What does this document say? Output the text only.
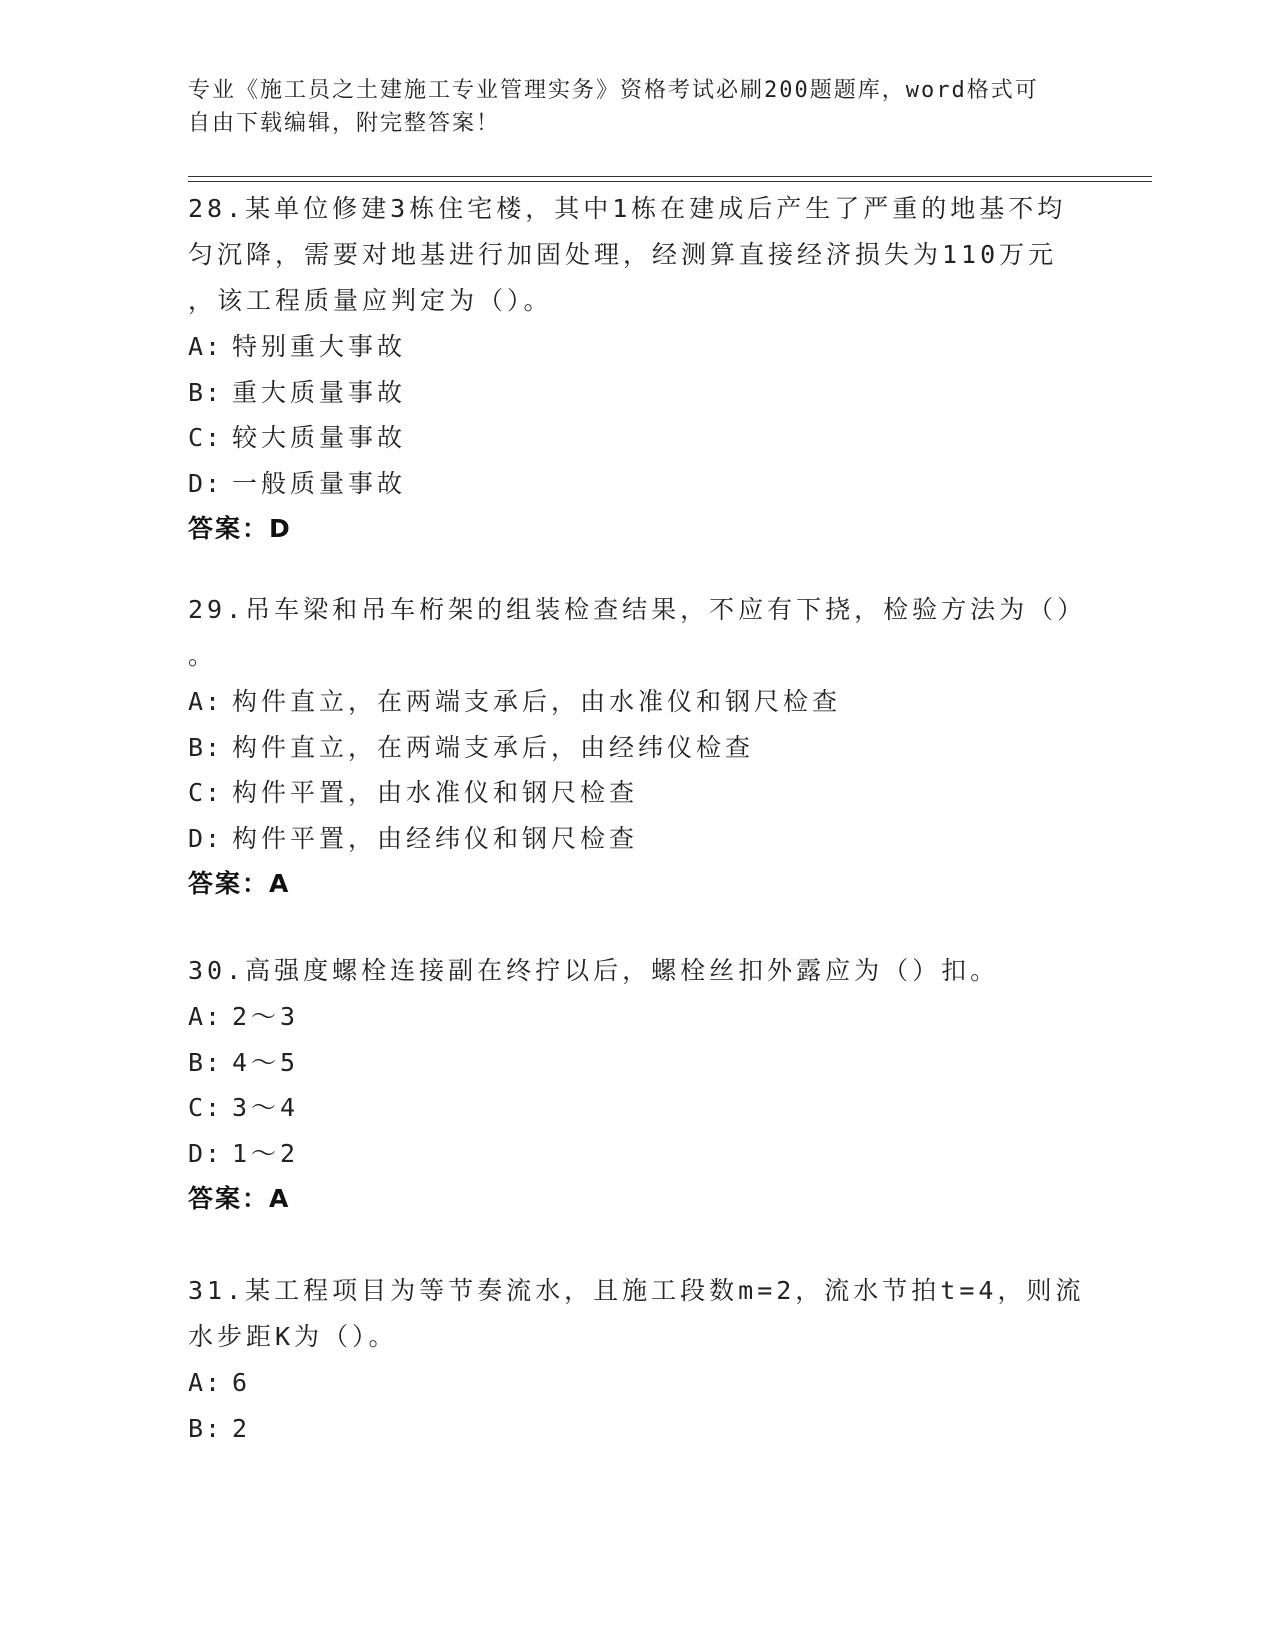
专业《施工员之土建施工专业管理实务》资格考试必刷200题题库，word格式可
自由下载编辑，附完整答案！

28.某单位修建3栋住宅楼，其中1栋在建成后产生了严重的地基不均
匀沉降，需要对地基进行加固处理，经测算直接经济损失为110万元
，该工程质量应判定为（）。

A: 特别重大事故
B: 重大质量事故
C: 较大质量事故
D: 一般质量事故
答案：D

29.吊车梁和吊车桁架的组装检查结果，不应有下挠，检验方法为（）
。

A: 构件直立，在两端支承后，由水准仪和钢尺检查
B: 构件直立，在两端支承后，由经纬仪检查
C: 构件平置，由水准仪和钢尺检查
D: 构件平置，由经纬仪和钢尺检查
答案：A

30.高强度螺栓连接副在终拧以后，螺栓丝扣外露应为（）扣。

A: 2～3
B: 4～5
C: 3～4
D: 1～2
答案：A

31.某工程项目为等节奏流水，且施工段数m=2，流水节拍t=4，则流
水步距K为（）。

A: 6
B: 2
